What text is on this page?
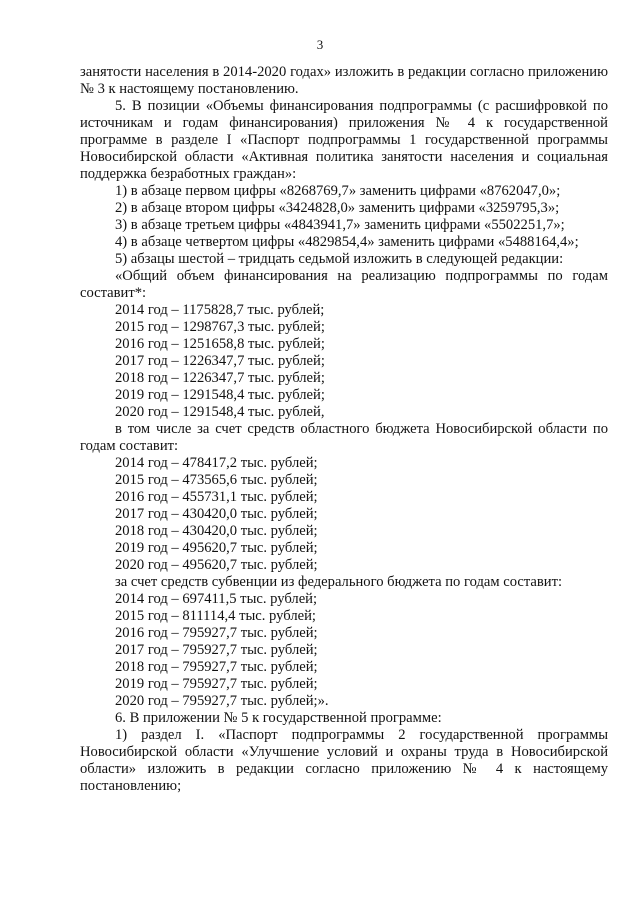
3

занятости населения в 2014-2020 годах» изложить в редакции согласно приложению № 3 к настоящему постановлению.

5. В позиции «Объемы финансирования подпрограммы (с расшифровкой по источникам и годам финансирования) приложения № 4 к государственной программе в разделе I «Паспорт подпрограммы 1 государственной программы Новосибирской области «Активная политика занятости населения и социальная поддержка безработных граждан»:

1) в абзаце первом цифры «8268769,7» заменить цифрами «8762047,0»;

2) в абзаце втором цифры «3424828,0» заменить цифрами «3259795,3»;

3) в абзаце третьем цифры «4843941,7» заменить цифрами «5502251,7»;

4) в абзаце четвертом цифры «4829854,4» заменить цифрами «5488164,4»;

5) абзацы шестой – тридцать седьмой изложить в следующей редакции:

«Общий объем финансирования на реализацию подпрограммы по годам составит*:

2014 год – 1175828,7 тыс. рублей;

2015 год – 1298767,3 тыс. рублей;

2016 год – 1251658,8 тыс. рублей;

2017 год – 1226347,7 тыс. рублей;

2018 год – 1226347,7 тыс. рублей;

2019 год – 1291548,4 тыс. рублей;

2020 год – 1291548,4 тыс. рублей,

в том числе за счет средств областного бюджета Новосибирской области по годам составит:

2014 год – 478417,2 тыс. рублей;

2015 год – 473565,6 тыс. рублей;

2016 год – 455731,1 тыс. рублей;

2017 год – 430420,0 тыс. рублей;

2018 год – 430420,0 тыс. рублей;

2019 год – 495620,7 тыс. рублей;

2020 год – 495620,7 тыс. рублей;

за счет средств субвенции из федерального бюджета по годам составит:

2014 год – 697411,5 тыс. рублей;

2015 год – 811114,4 тыс. рублей;

2016 год – 795927,7 тыс. рублей;

2017 год – 795927,7 тыс. рублей;

2018 год – 795927,7 тыс. рублей;

2019 год – 795927,7 тыс. рублей;

2020 год – 795927,7 тыс. рублей;».

6. В приложении № 5 к государственной программе:

1) раздел I. «Паспорт подпрограммы 2 государственной программы Новосибирской области «Улучшение условий и охраны труда в Новосибирской области» изложить в редакции согласно приложению № 4 к настоящему постановлению;
